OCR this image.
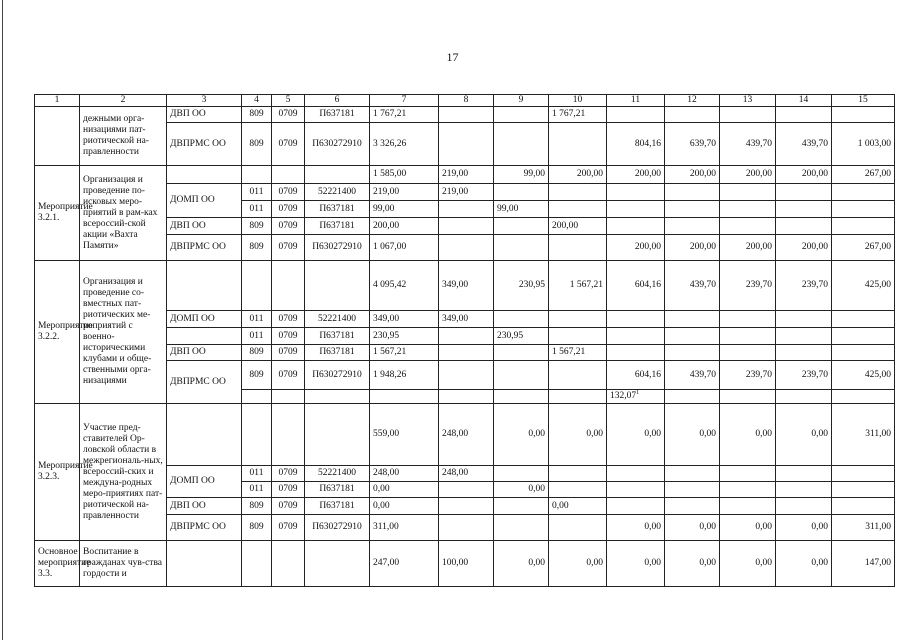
17
1	2	3	4	5	6	7	8	9	10	11	12	13	14	15
	дежными орга-низациями пат-риотической на-правленности	ДВП ОО	809	0709	П637181	1 767,21			1 767,21					
		ДВПРМС ОО	809	0709	П630272910	3 326,26				804,16	639,70	439,70	439,70	1 003,00
Мероприятие 3.2.1.	Организация и проведение по-исковых меро-приятий в рам-ках всероссий-ской акции «Вахта Памяти»					1 585,00	219,00	99,00	200,00	200,00	200,00	200,00	200,00	267,00
		ДОМП ОО	011	0709	52221400	219,00	219,00							
			011	0709	П637181	99,00		99,00						
		ДВП ОО	809	0709	П637181	200,00			200,00					
		ДВПРМС ОО	809	0709	П630272910	1 067,00				200,00	200,00	200,00	200,00	267,00
Мероприятие 3.2.2.	Организация и проведение со-вместных пат-риотических ме-роприятий с военно-историческими клубами и обще-ственными орга-низациями					4 095,42	349,00	230,95	1 567,21	604,16	439,70	239,70	239,70	425,00
		ДОМП ОО	011	0709	52221400	349,00	349,00							
			011	0709	П637181	230,95		230,95						
		ДВП ОО	809	0709	П637181	1 567,21			1 567,21					
		ДВПРМС ОО	809	0709	П630272910	1 948,26				604,16	439,70	239,70	239,70	425,00
										132,07$^1$				
Мероприятие 3.2.3.	Участие пред-ставителей Ор-ловской области в межрегиональ-ных, всероссий-ских и междуна-родных меро-приятиях пат-риотической на-правленности					559,00	248,00	0,00	0,00	0,00	0,00	0,00	0,00	311,00
		ДОМП ОО	011	0709	52221400	248,00	248,00							
			011	0709	П637181	0,00		0,00						
		ДВП ОО	809	0709	П637181	0,00			0,00					
		ДВПРМС ОО	809	0709	П630272910	311,00				0,00	0,00	0,00	0,00	311,00
Основное мероприятие 3.3.	Воспитание в гражданах чув-ства гордости и					247,00	100,00	0,00	0,00	0,00	0,00	0,00	0,00	147,00
